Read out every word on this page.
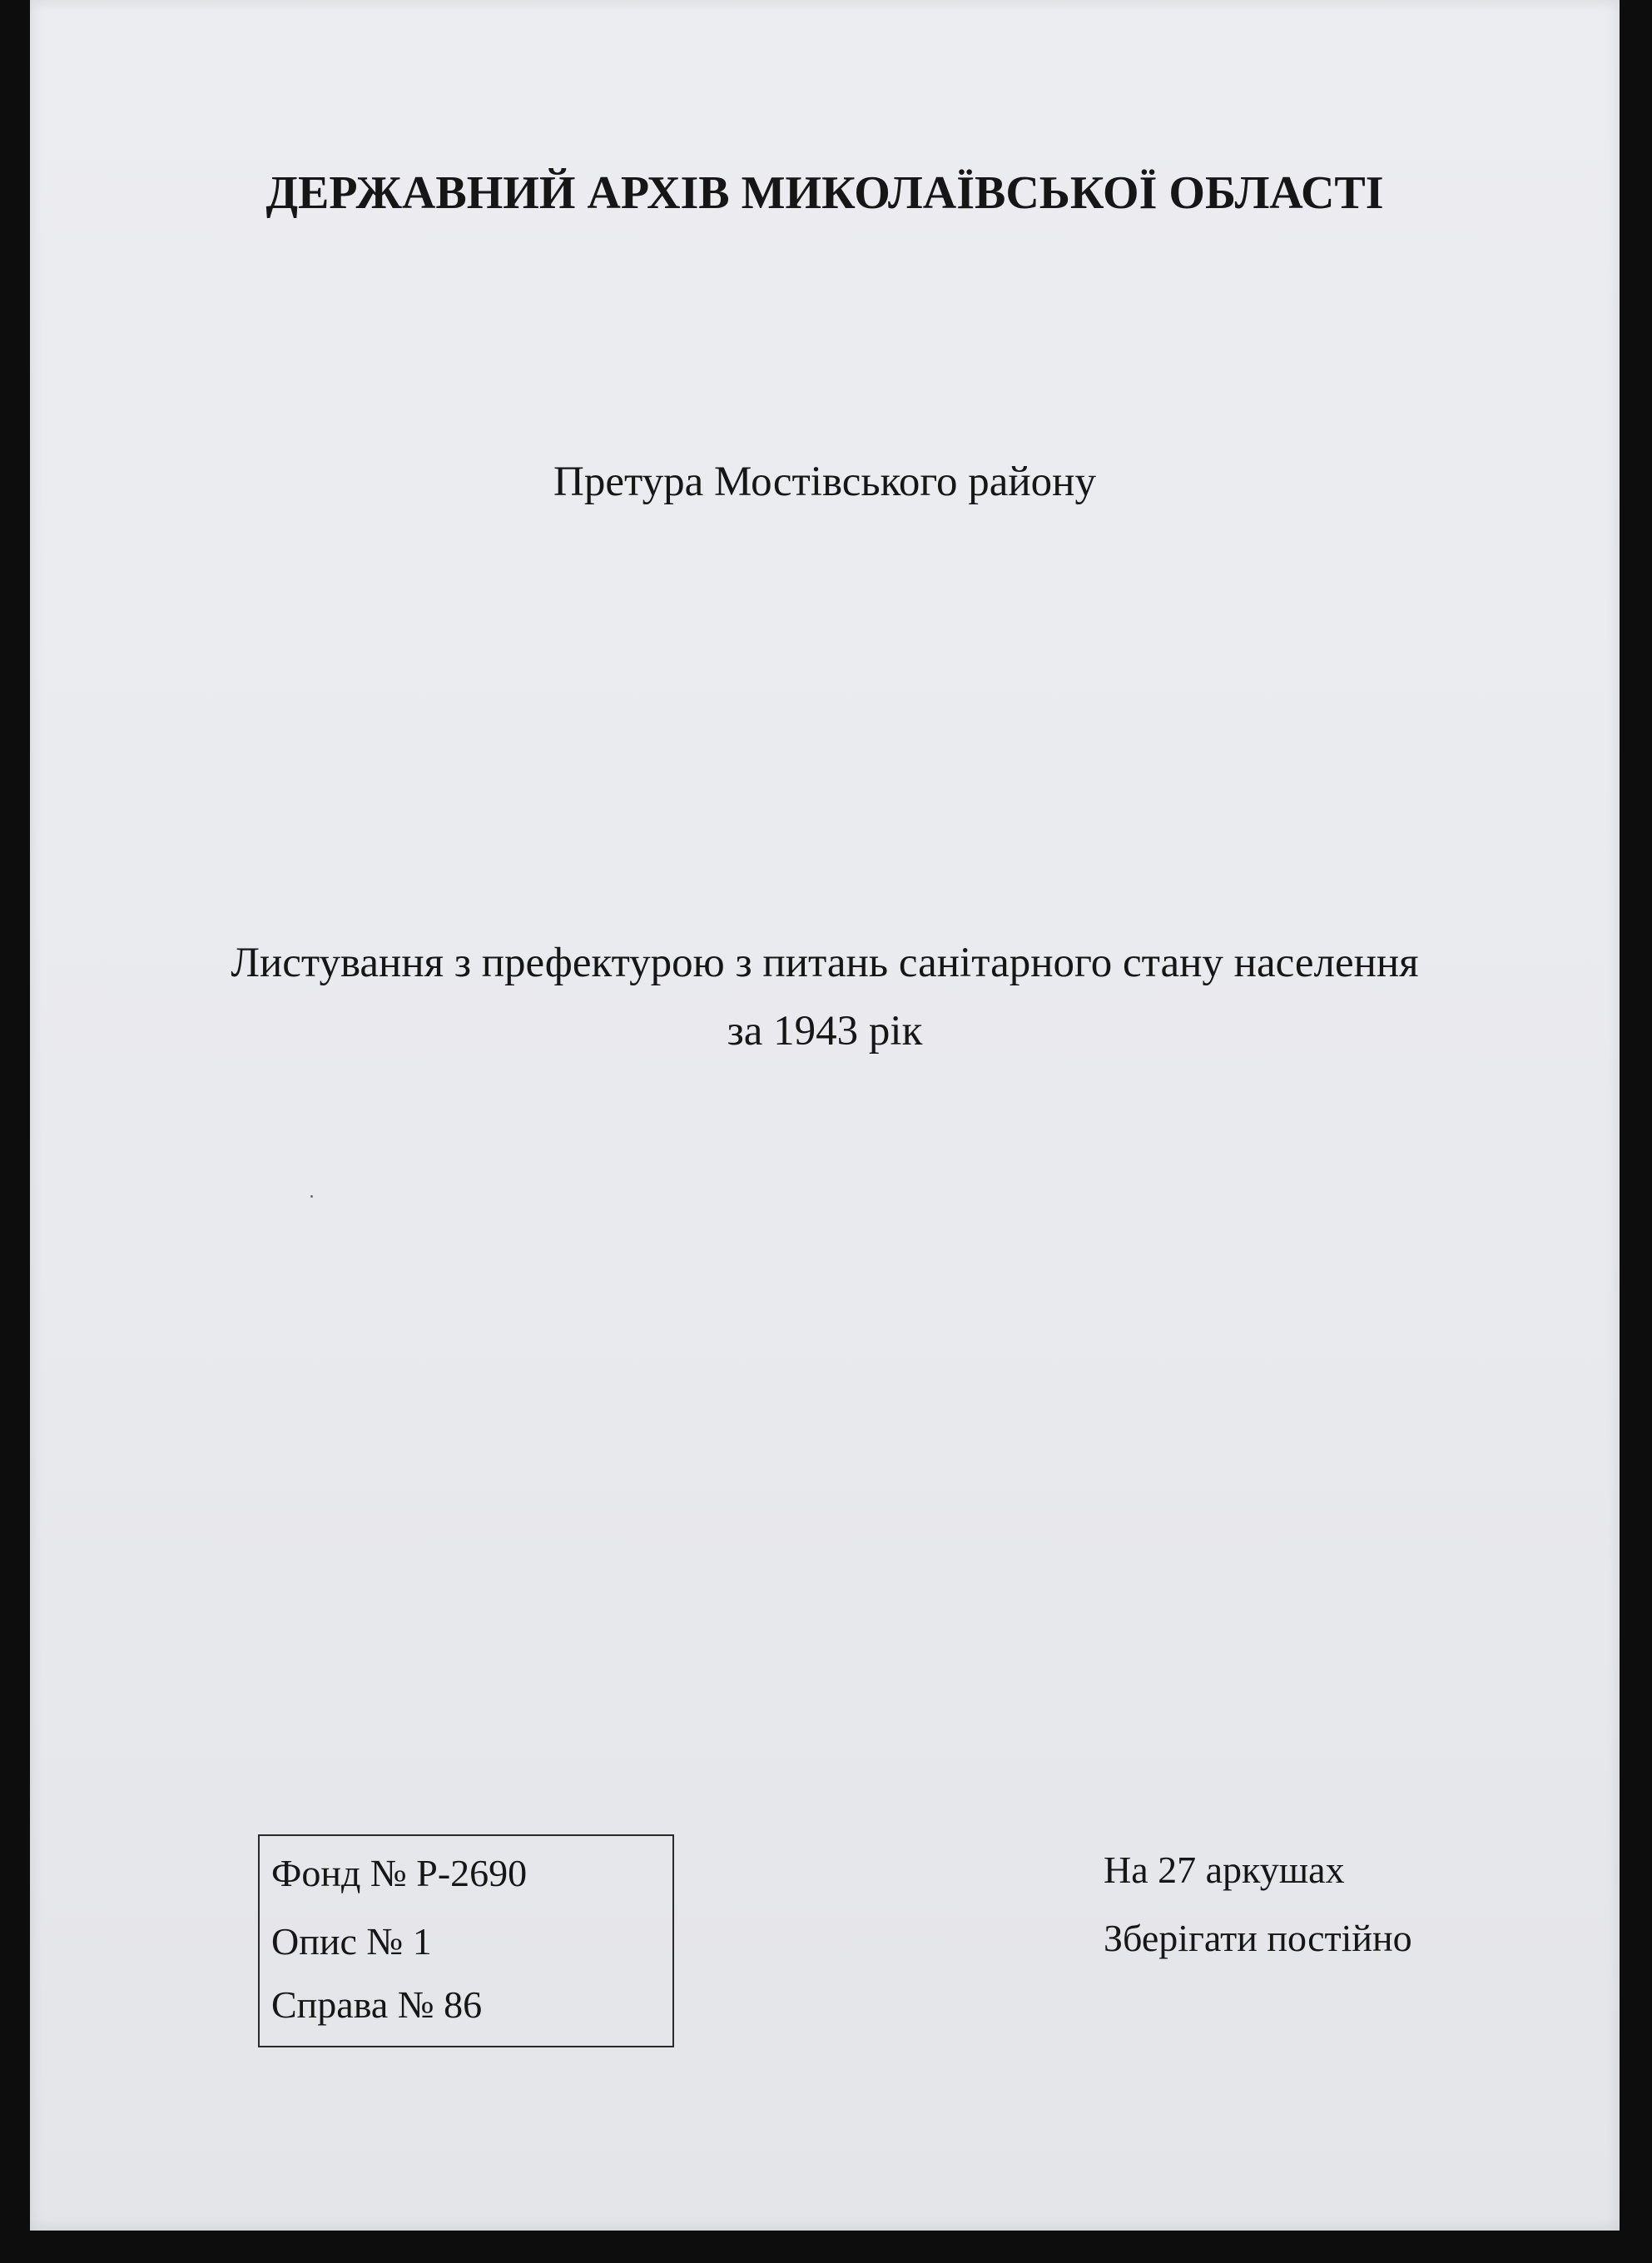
ДЕРЖАВНИЙ АРХІВ МИКОЛАЇВСЬКОЇ ОБЛАСТІ

Претура Мостівського району

Листування з префектурою з питань санітарного стану населення

за 1943 рік

Фонд № Р-2690

Опис № 1

Справа № 86

На 27 аркушах

Зберігати постійно
